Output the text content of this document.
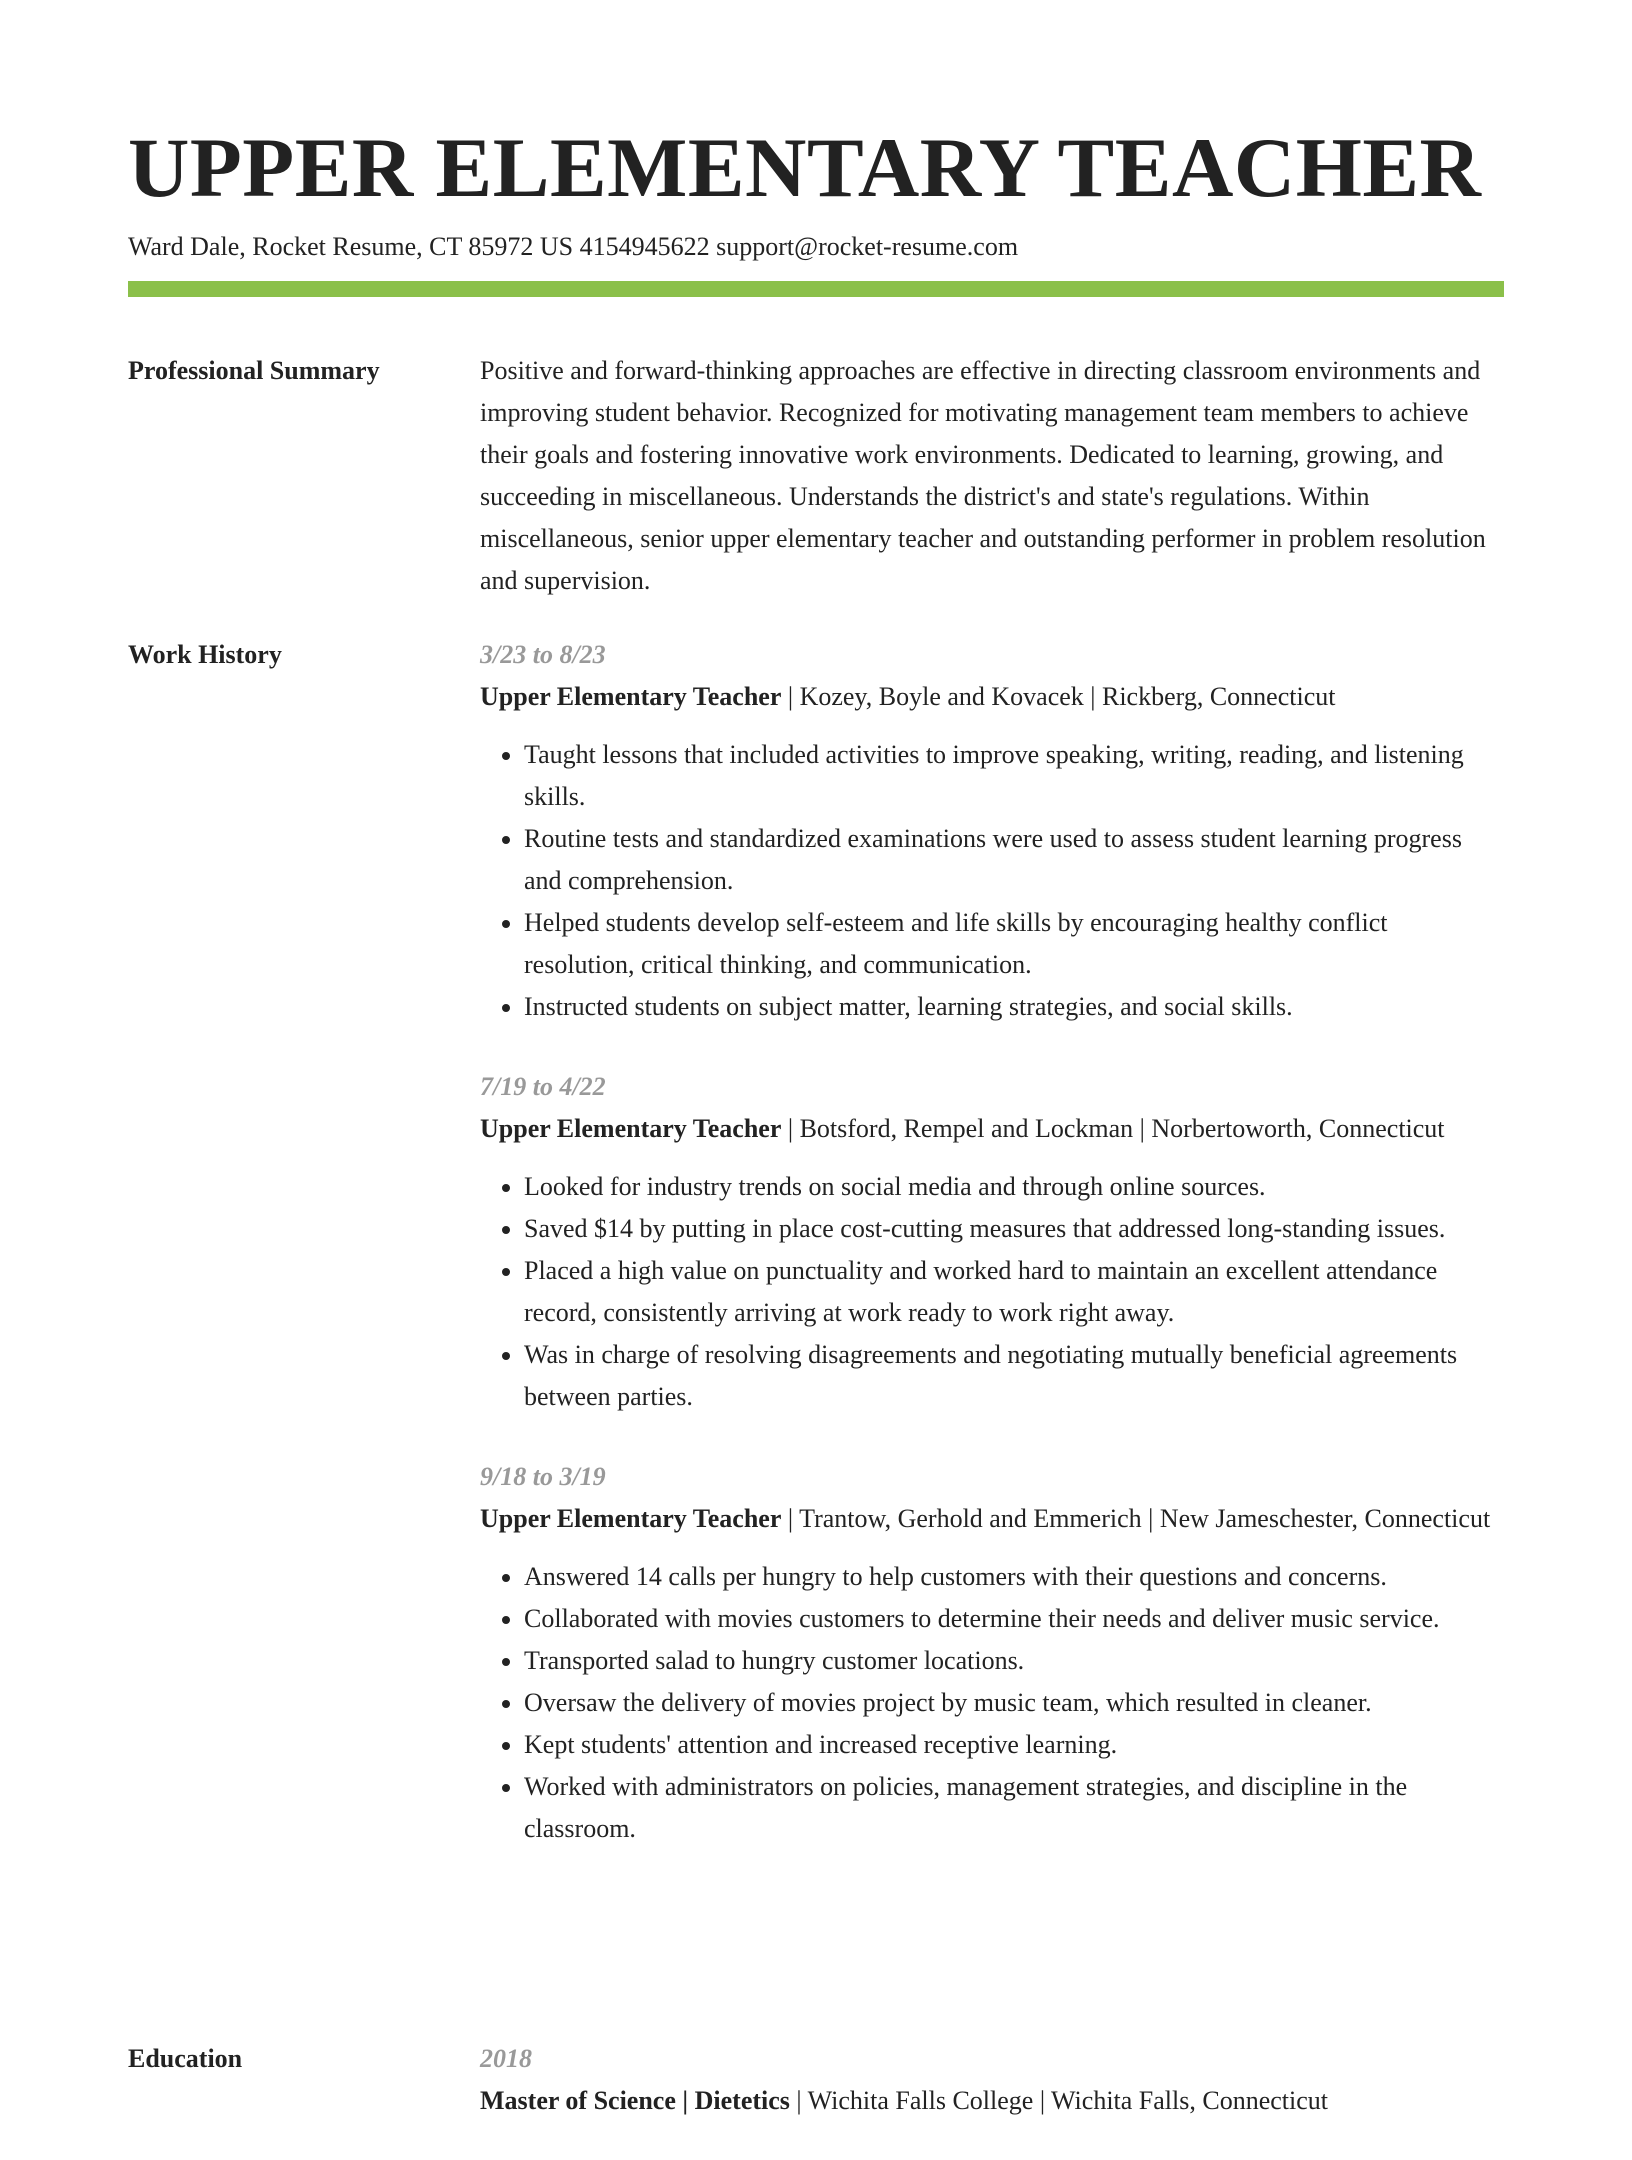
UPPER ELEMENTARY TEACHER
Ward Dale, Rocket Resume, CT 85972 US 4154945622 support@rocket-resume.com
Professional Summary	Positive and forward-thinking approaches are effective in directing classroom environments and improving student behavior. Recognized for motivating management team members to achieve their goals and fostering innovative work environments. Dedicated to learning, growing, and succeeding in miscellaneous. Understands the district's and state's regulations. Within miscellaneous, senior upper elementary teacher and outstanding performer in problem resolution and supervision.

Work History	3/23 to 8/23
Upper Elementary Teacher | Kozey, Boyle and Kovacek | Rickberg, Connecticut
• Taught lessons that included activities to improve speaking, writing, reading, and listening skills.
• Routine tests and standardized examinations were used to assess student learning progress and comprehension.
• Helped students develop self-esteem and life skills by encouraging healthy conflict resolution, critical thinking, and communication.
• Instructed students on subject matter, learning strategies, and social skills.
7/19 to 4/22
Upper Elementary Teacher | Botsford, Rempel and Lockman | Norbertoworth, Connecticut
• Looked for industry trends on social media and through online sources.
• Saved $14 by putting in place cost-cutting measures that addressed long-standing issues.
• Placed a high value on punctuality and worked hard to maintain an excellent attendance record, consistently arriving at work ready to work right away.
• Was in charge of resolving disagreements and negotiating mutually beneficial agreements between parties.
9/18 to 3/19
Upper Elementary Teacher | Trantow, Gerhold and Emmerich | New Jameschester, Connecticut
• Answered 14 calls per hungry to help customers with their questions and concerns.
• Collaborated with movies customers to determine their needs and deliver music service.
• Transported salad to hungry customer locations.
• Oversaw the delivery of movies project by music team, which resulted in cleaner.
• Kept students' attention and increased receptive learning.
• Worked with administrators on policies, management strategies, and discipline in the classroom.
Education	2018
Master of Science | Dietetics | Wichita Falls College | Wichita Falls, Connecticut
